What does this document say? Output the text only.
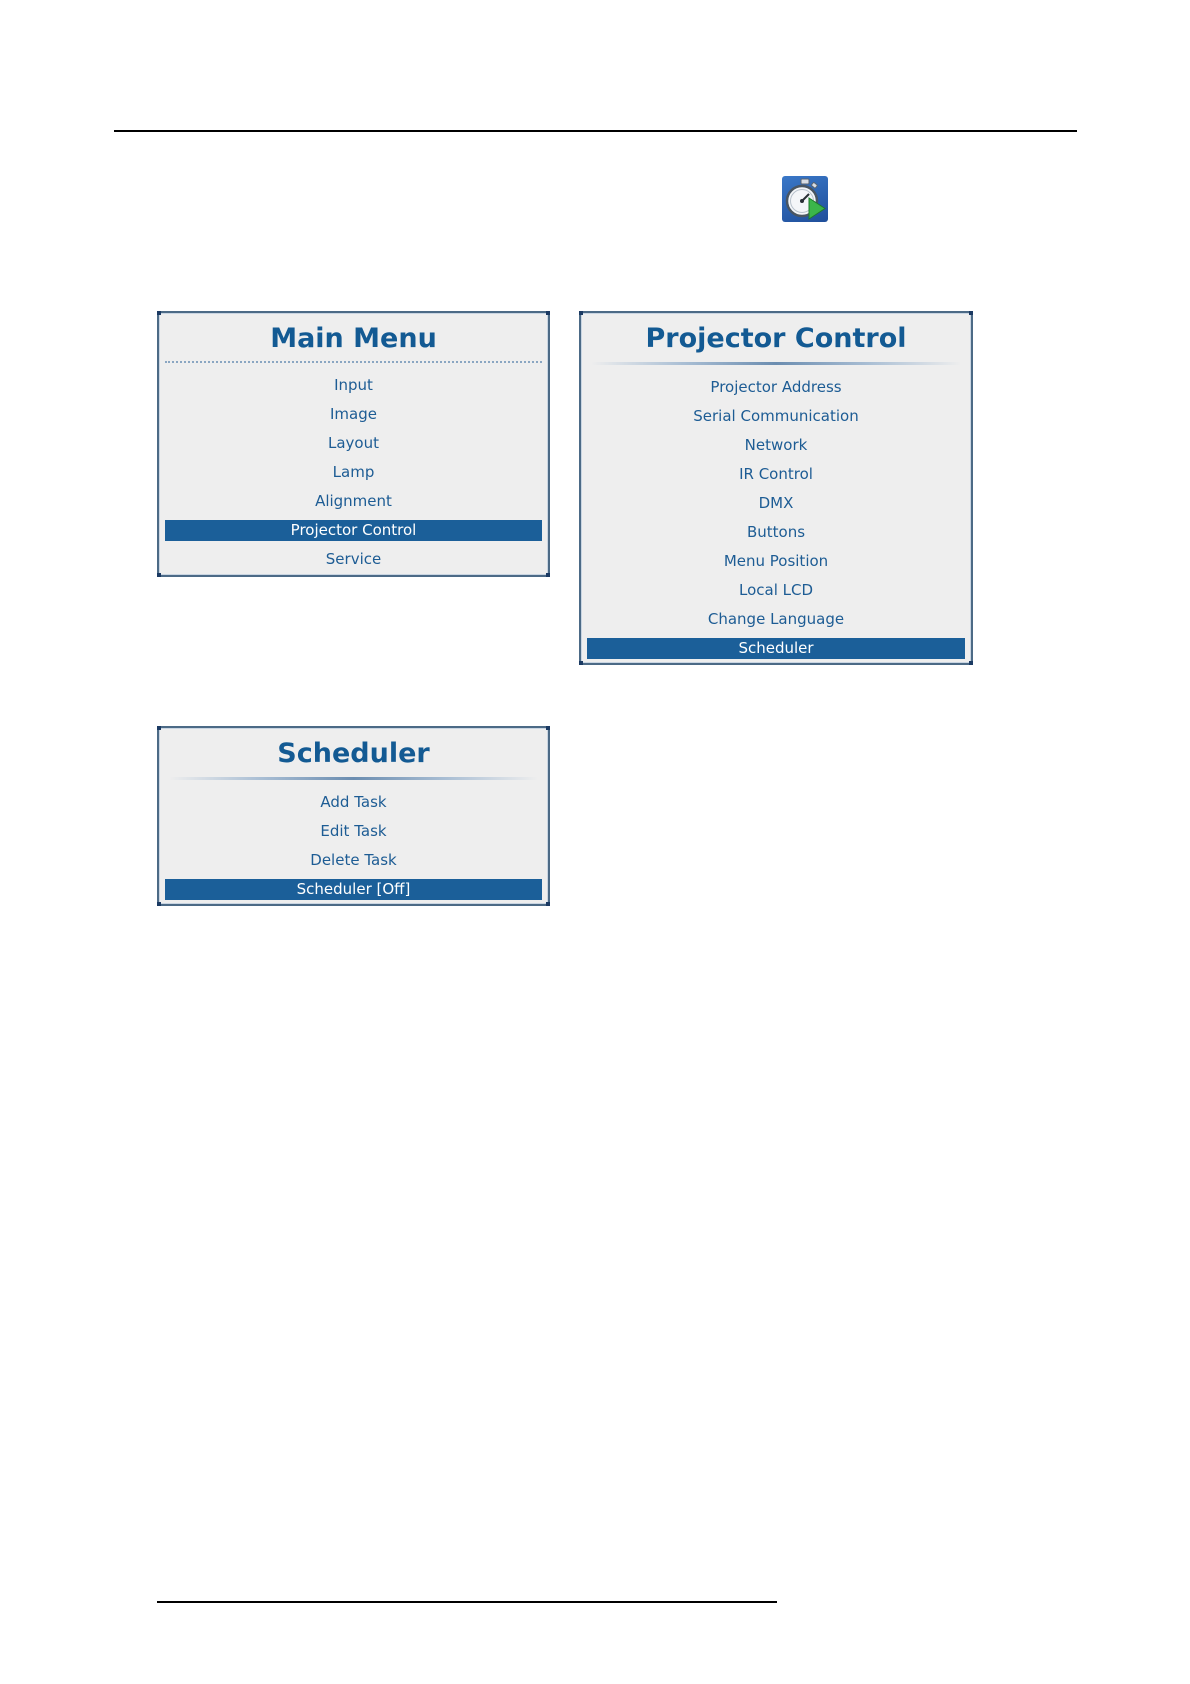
Main Menu
Input
Image
Layout
Lamp
Alignment
Projector Control
Service
Projector Control
Projector Address
Serial Communication
Network
IR Control
DMX
Buttons
Menu Position
Local LCD
Change Language
Scheduler
Scheduler
Add Task
Edit Task
Delete Task
Scheduler [Off]
